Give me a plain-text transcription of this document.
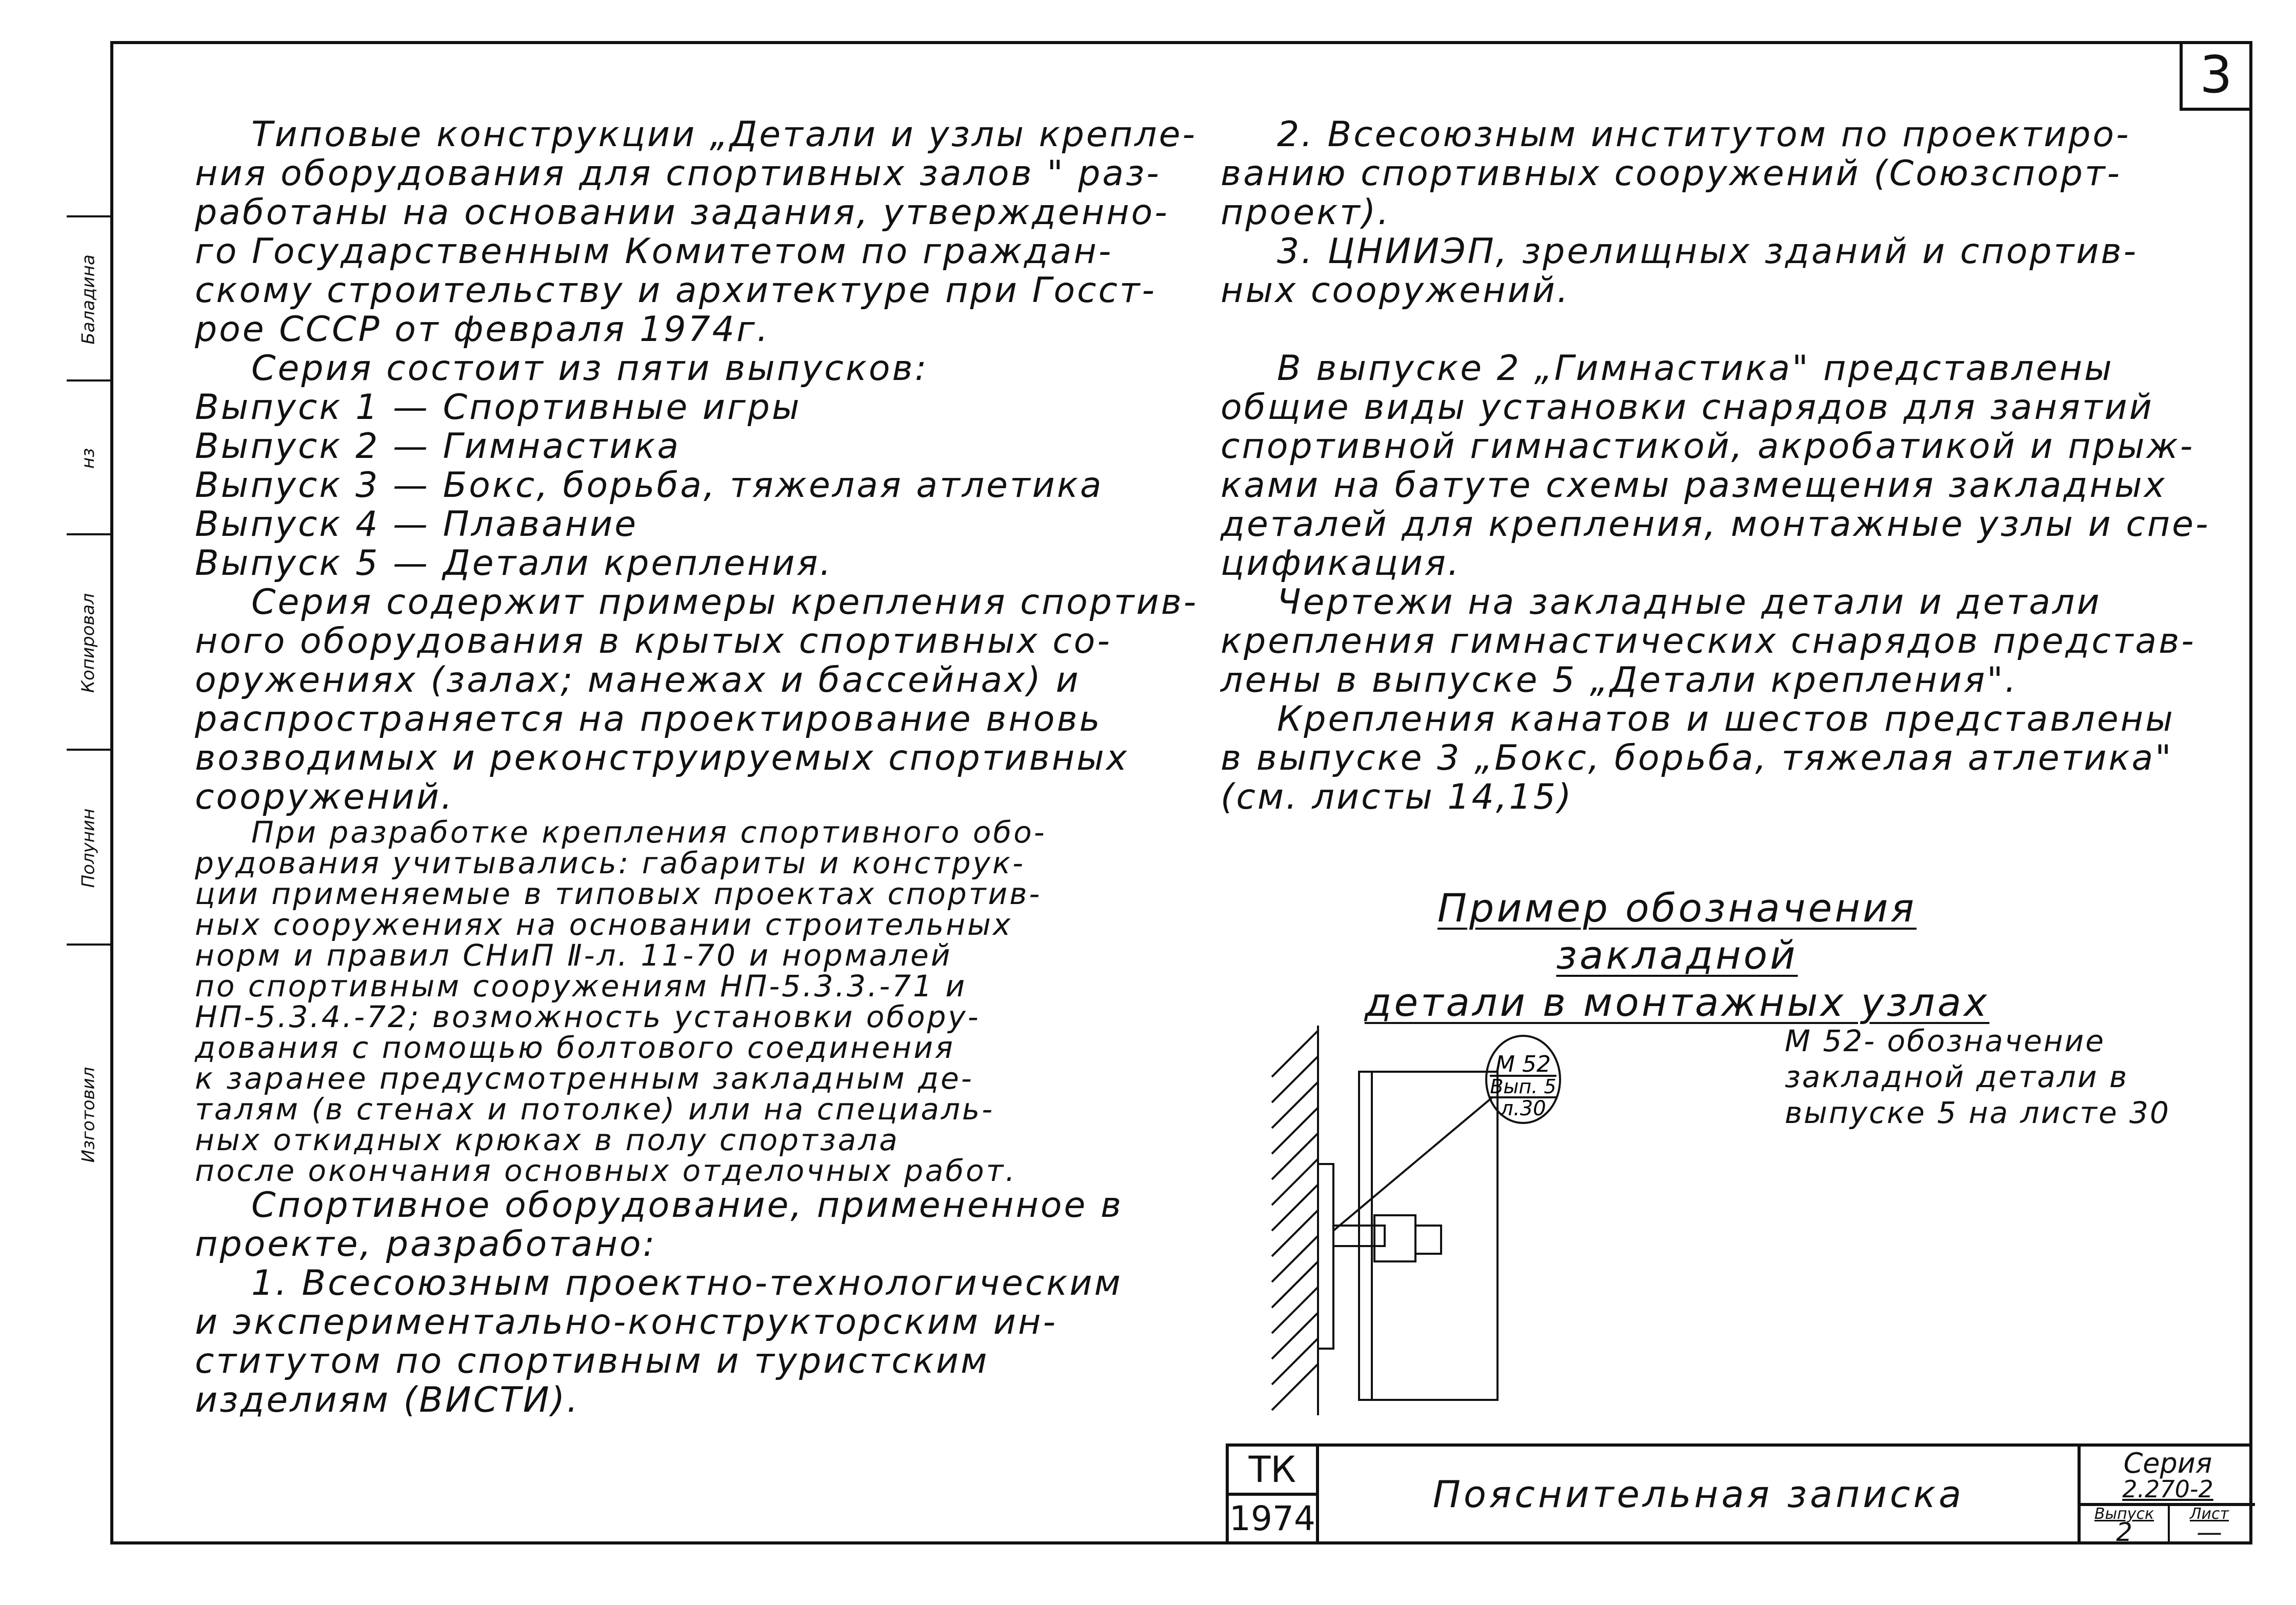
3
Изготовил
Полунин
Копировал
нз
Баладина

Типовые конструкции „Детали и узлы крепле-

ния оборудования для спортивных залов " раз-

работаны на основании задания, утвержденно-

го Государственным Комитетом по граждан-

скому строительству и архитектуре при Госст-

рое СССР от февраля 1974г.

Серия состоит из пяти выпусков:

Выпуск 1 — Спортивные игры

Выпуск 2 — Гимнастика

Выпуск 3 — Бокс, борьба, тяжелая атлетика

Выпуск 4 — Плавание

Выпуск 5 — Детали крепления.

Серия содержит примеры крепления спортив-

ного оборудования в крытых спортивных со-

оружениях (залах; манежах и бассейнах) и

распространяется на проектирование вновь

возводимых и реконструируемых спортивных

сооружений.

При разработке крепления спортивного обо-

рудования учитывались: габариты и конструк-

ции применяемые в типовых проектах спортив-

ных сооружениях на основании строительных

норм и правил СНиП Ⅱ-л. 11-70 и нормалей

по спортивным сооружениям НП-5.3.3.-71 и

НП-5.3.4.-72; возможность установки обору-

дования с помощью болтового соединения

к заранее предусмотренным закладным де-

талям (в стенах и потолке) или на специаль-

ных откидных крюках в полу спортзала

после окончания основных отделочных работ.

Спортивное оборудование, примененное в

проекте, разработано:

1. Всесоюзным проектно-технологическим

и экспериментально-конструкторским ин-

ститутом по спортивным и туристским

изделиям (ВИСТИ).

2. Всесоюзным институтом по проектиро-

ванию спортивных сооружений (Союзспорт-

проект).

3. ЦНИИЭП, зрелищных зданий и спортив-

ных сооружений.

В выпуске 2 „Гимнастика" представлены

общие виды установки снарядов для занятий

спортивной гимнастикой, акробатикой и прыж-

ками на батуте схемы размещения закладных

деталей для крепления, монтажные узлы и спе-

цификация.

Чертежи на закладные детали и детали

крепления гимнастических снарядов представ-

лены в выпуске 5 „Детали крепления".

Крепления канатов и шестов представлены

в выпуске 3 „Бокс, борьба, тяжелая атлетика"

(см. листы 14,15)

Пример обозначения закладной
детали в монтажных узлах
М 52
Вып. 5
л.30

М 52- обозначение

закладной детали в

выпуске 5 на листе 30

ТК
1974
Пояснительная записка
Серия
2.270-2
Выпуск
2
Лист
—
